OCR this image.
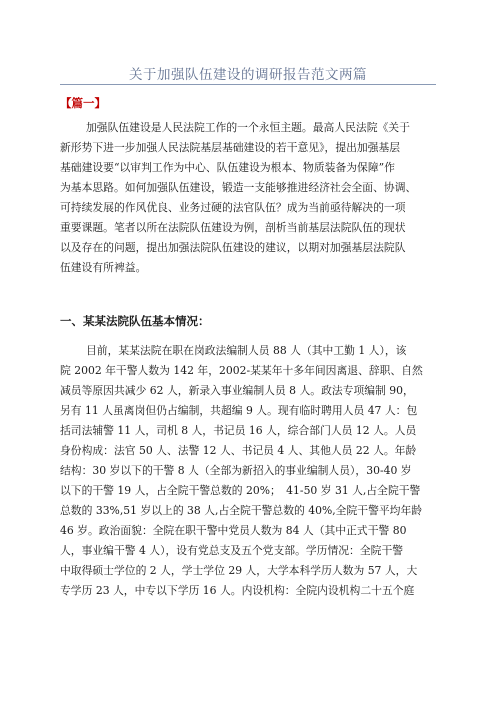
关于加强队伍建设的调研报告范文两篇
【篇一】
加强队伍建设是人民法院工作的一个永恒主题。最高人民法院《关于
新形势下进一步加强人民法院基层基础建设的若干意见》，提出加强基层
基础建设要“以审判工作为中心、队伍建设为根本、物质装备为保障”作
为基本思路。如何加强队伍建设，锻造一支能够推进经济社会全面、协调、
可持续发展的作风优良、业务过硬的法官队伍？成为当前亟待解决的一项
重要课题。笔者以所在法院队伍建设为例，剖析当前基层法院队伍的现状
以及存在的问题，提出加强法院队伍建设的建议，以期对加强基层法院队
伍建设有所裨益。
一、某某法院队伍基本情况：
目前，某某法院在职在岗政法编制人员 88 人（其中工勤 1 人），该
院 2002 年干警人数为 142 年，2002-某某年十多年间因离退、辞职、自然
减员等原因共减少 62 人，新录入事业编制人员 8 人。政法专项编制 90，
另有 11 人虽离岗但仍占编制，共超编 9 人。现有临时聘用人员 47 人：包
括司法辅警 11 人，司机 8 人，书记员 16 人，综合部门人员 12 人。人员
身份构成：法官 50 人、法警 12 人、书记员 4 人、其他人员 22 人。年龄
结构：30 岁以下的干警 8 人（全部为新招入的事业编制人员），30-40 岁
以下的干警 19 人，占全院干警总数的 20%；　41-50 岁 31 人,占全院干警
总数的 33%,51 岁以上的 38 人,占全院干警总数的 40%,全院干警平均年龄
46 岁。政治面貌：全院在职干警中党员人数为 84 人（其中正式干警 80
人，事业编干警 4 人），设有党总支及五个党支部。学历情况：全院干警
中取得硕士学位的 2 人，学士学位 29 人，大学本科学历人数为 57 人，大
专学历 23 人，中专以下学历 16 人。内设机构：全院内设机构二十五个庭
